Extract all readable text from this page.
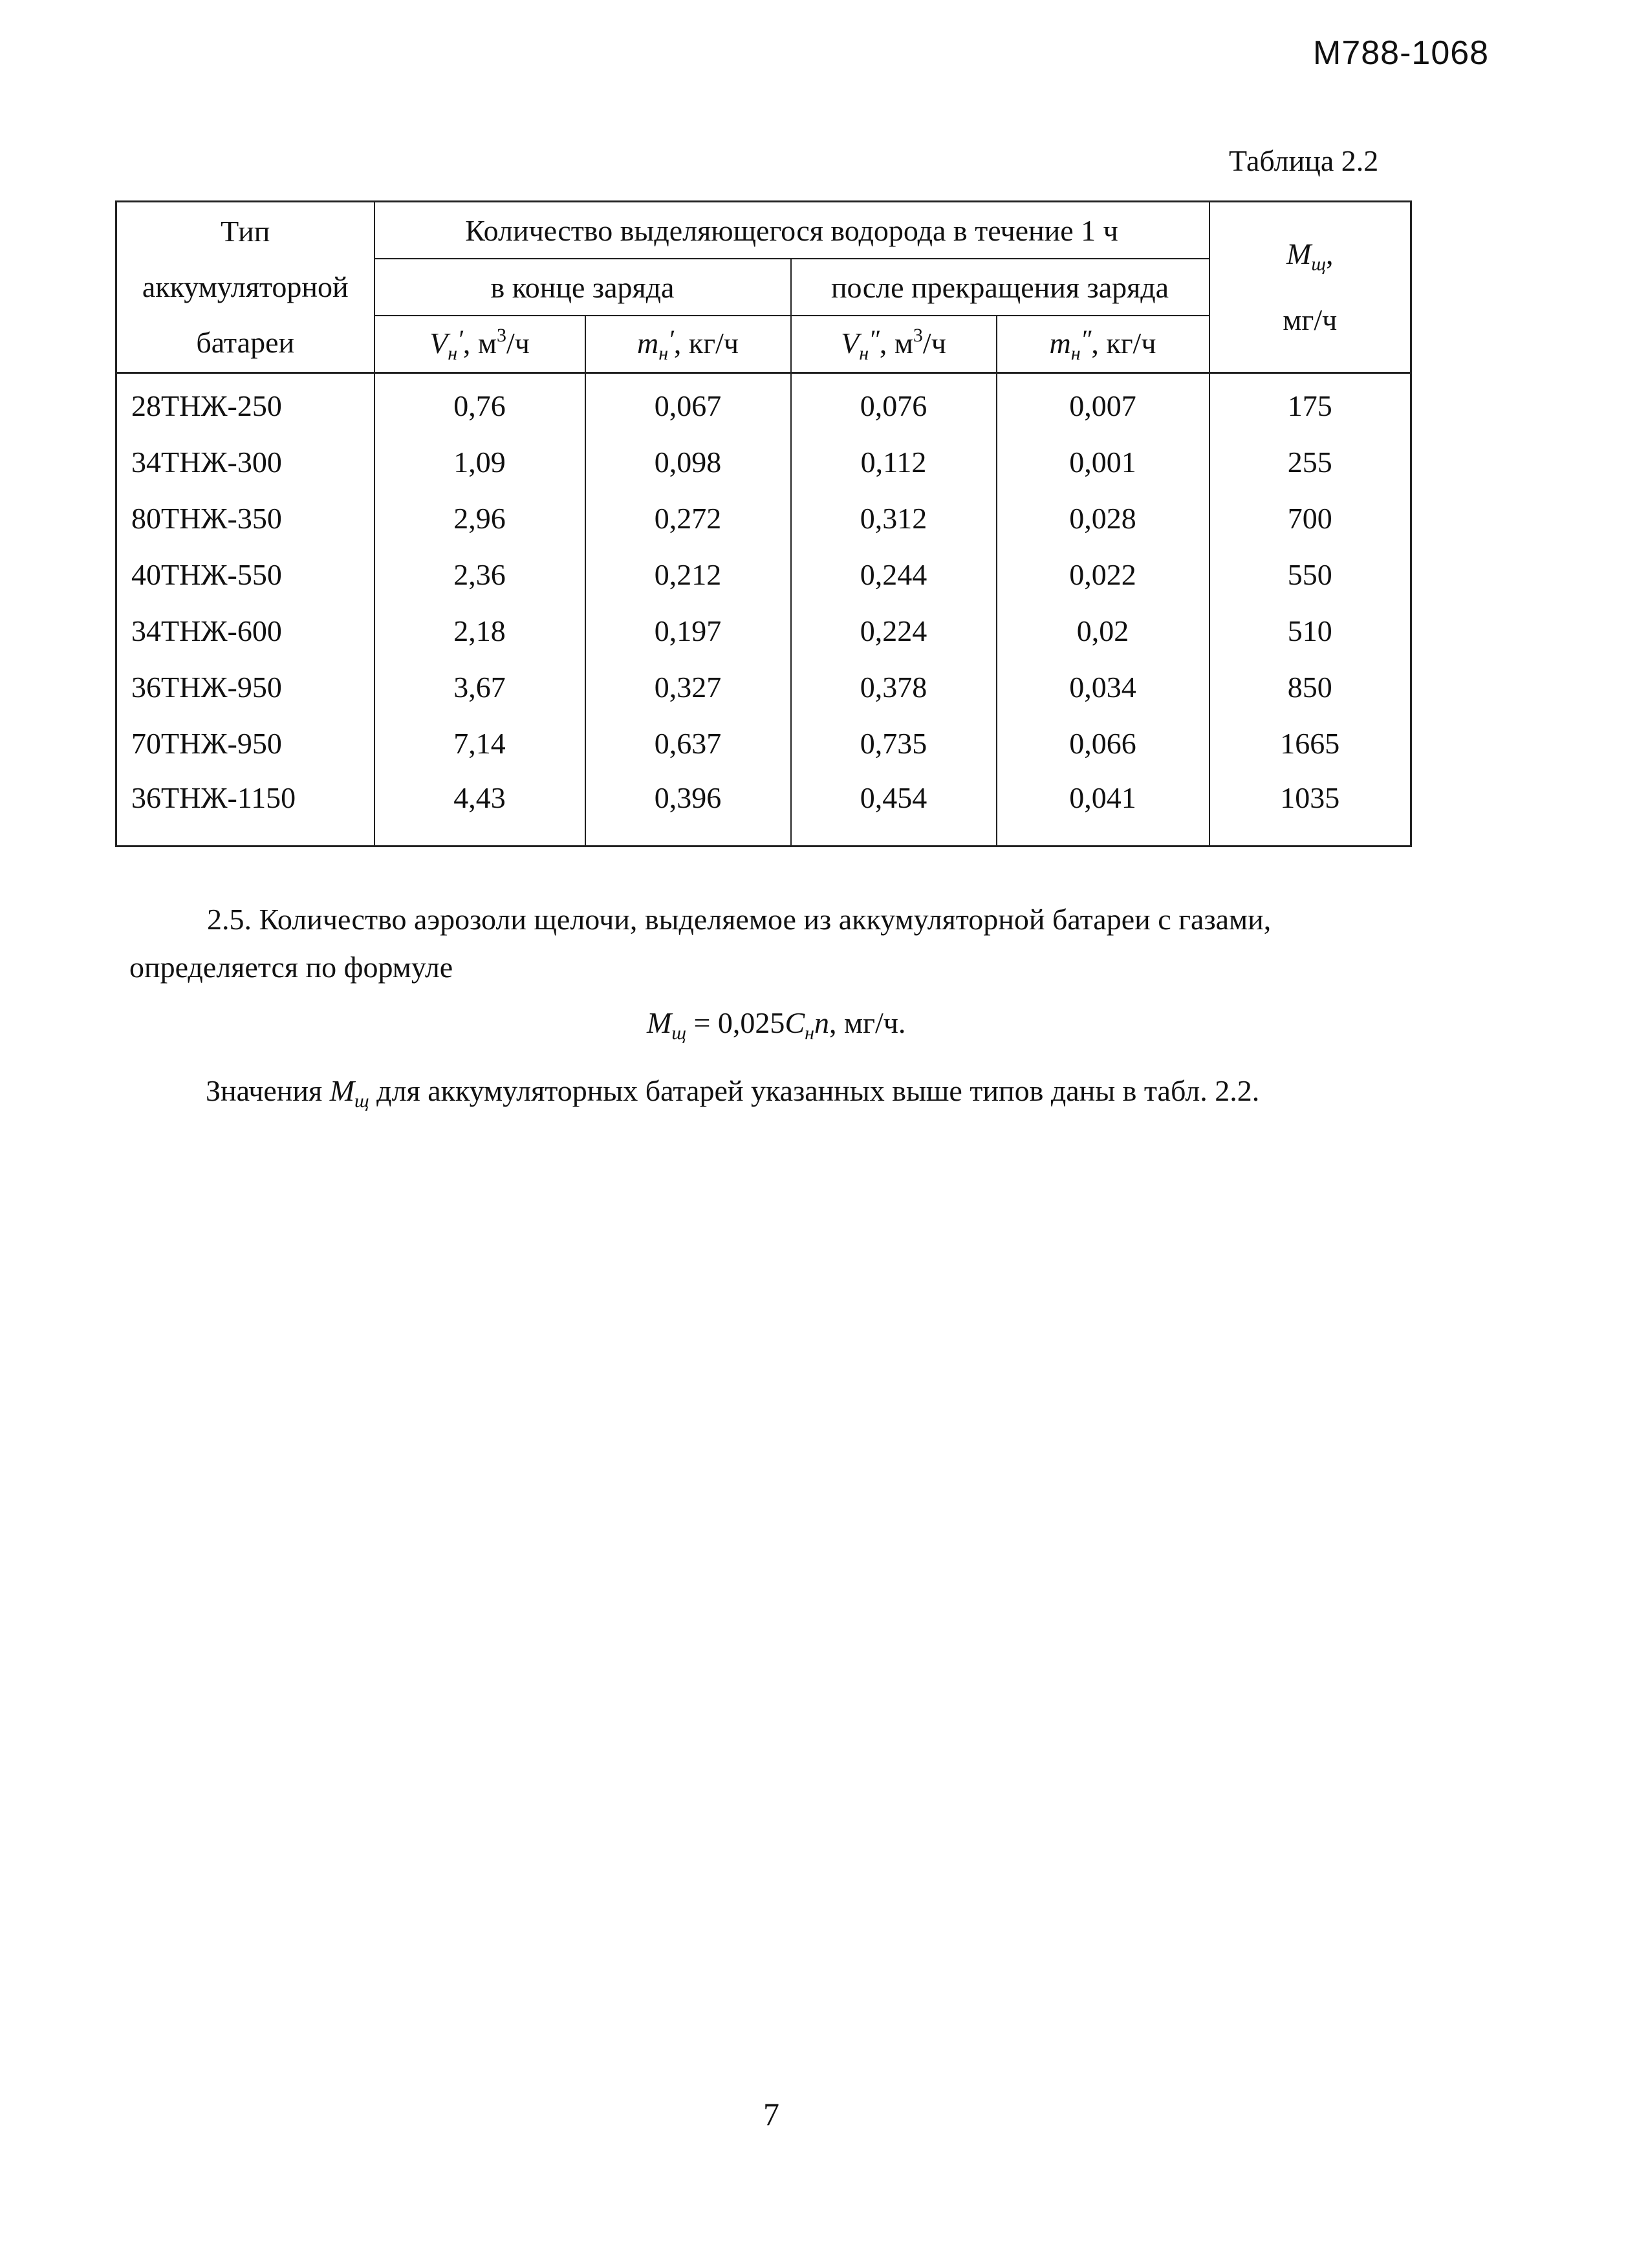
М788-1068
Таблица 2.2
Тип
аккумуляторной
батареи	Количество выделяющегося водорода в течение 1 ч				$M_щ$,
мг/ч

	в конце заряда		после прекращения заряда		
	$V_н'$, $м^3/ч$	$m_н'$, кг/ч	$V_н''$, $м^3/ч$	$m_н''$, кг/ч	
28ТНЖ-250	0,76	0,067	0,076	0,007	175
34ТНЖ-300	1,09	0,098	0,112	0,001	255
80ТНЖ-350	2,96	0,272	0,312	0,028	700
40ТНЖ-550	2,36	0,212	0,244	0,022	550
34ТНЖ-600	2,18	0,197	0,224	0,02	510
36ТНЖ-950	3,67	0,327	0,378	0,034	850
70ТНЖ-950	7,14	0,637	0,735	0,066	1665
36ТНЖ-1150	4,43	0,396	0,454	0,041	1035
2.5. Количество аэрозоли щелочи, выделяемое из аккумуляторной батареи с газами,
определяется по формуле
$M_щ = 0,025C_нn$, мг/ч.
Значения $M_щ$ для аккумуляторных батарей указанных выше типов даны в табл. 2.2.
7
